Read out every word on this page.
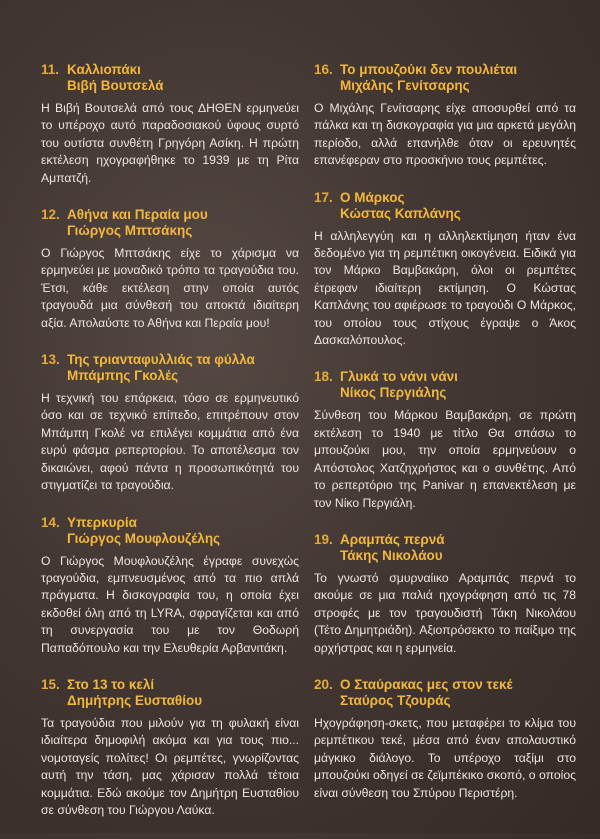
11. Καλλιοπάκι
Βιβή Βουτσελά
Η Βιβή Βουτσελά από τους ΔΗΘΕΝ ερμηνεύει το υπέροχο αυτό παραδοσιακού ύφους συρτό του ουτίστα συνθέτη Γρηγόρη Ασίκη. Η πρώτη εκτέλεση ηχογραφήθηκε το 1939 με τη Ρίτα Αμπατζή.
12. Αθήνα και Περαία μου
Γιώργος Μπτσάκης
Ο Γιώργος Μπτσάκης είχε το χάρισμα να ερμηνεύει με μοναδικό τρόπο τα τραγούδια του. Έτσι, κάθε εκτέλεση στην οποία αυτός τραγουδά μια σύνθεσή του αποκτά ιδιαίτερη αξία. Απολαύστε το Αθήνα και Περαία μου!
13. Της τριανταφυλλιάς τα φύλλα
Μπάμπης Γκολές
Η τεχνική του επάρκεια, τόσο σε ερμηνευτικό όσο και σε τεχνικό επίπεδο, επιτρέπουν στον Μπάμπη Γκολέ να επιλέγει κομμάτια από ένα ευρύ φάσμα ρεπερτορίου. Το αποτέλεσμα τον δικαιώνει, αφού πάντα η προσωπικότητά του στιγματίζει τα τραγούδια.
14. Υπερκυρία
Γιώργος Μουφλουζέλης
Ο Γιώργος Μουφλουζέλης έγραφε συνεχώς τραγούδια, εμπνευσμένος από τα πιο απλά πράγματα. Η δισκογραφία του, η οποία έχει εκδοθεί όλη από τη LYRA, σφραγίζεται και από τη συνεργασία του με τον Θοδωρή Παπαδόπουλο και την Ελευθερία Αρβανιτάκη.
15. Στο 13 το κελί
Δημήτρης Ευσταθίου
Τα τραγούδια που μιλούν για τη φυλακή είναι ιδιαίτερα δημοφιλή ακόμα και για τους πιο... νομοταγείς πολίτες! Οι ρεμπέτες, γνωρίζοντας αυτή την τάση, μας χάρισαν πολλά τέτοια κομμάτια. Εδώ ακούμε τον Δημήτρη Ευσταθίου σε σύνθεση του Γιώργου Λαύκα.
16. Το μπουζούκι δεν πουλιέται
Μιχάλης Γενίτσαρης
Ο Μιχάλης Γενίτσαρης είχε αποσυρθεί από τα πάλκα και τη δισκογραφία για μια αρκετά μεγάλη περίοδο, αλλά επανήλθε όταν οι ερευνητές επανέφεραν στο προσκήνιο τους ρεμπέτες.
17. Ο Μάρκος
Κώστας Καπλάνης
Η αλληλεγγύη και η αλληλεκτίμηση ήταν ένα δεδομένο για τη ρεμπέτικη οικογένεια. Ειδικά για τον Μάρκο Βαμβακάρη, όλοι οι ρεμπέτες έτρεφαν ιδιαίτερη εκτίμηση. Ο Κώστας Καπλάνης του αφιέρωσε το τραγούδι Ο Μάρκος, του οποίου τους στίχους έγραψε ο Άκος Δασκαλόπουλος.
18. Γλυκά το νάνι νάνι
Νίκος Περγιάλης
Σύνθεση του Μάρκου Βαμβακάρη, σε πρώτη εκτέλεση το 1940 με τίτλο Θα σπάσω το μπουζούκι μου, την οποία ερμηνεύουν ο Απόστολος Χατζηχρήστος και ο συνθέτης. Από το ρεπερτόριο της Panivar η επανεκτέλεση με τον Νίκο Περγιάλη.
19. Αραμπάς περνά
Τάκης Νικολάου
Το γνωστό σμυρναίικο Αραμπάς περνά το ακούμε σε μια παλιά ηχογράφηση από τις 78 στροφές με τον τραγουδιστή Τάκη Νικολάου (Τέτο Δημητριάδη). Αξιοπρόσεκτο το παίξιμο της ορχήστρας και η ερμηνεία.
20. Ο Σταύρακας μες στον τεκέ
Σταύρος Τζουράς
Ηχογράφηση-σκετς, που μεταφέρει το κλίμα του ρεμπέτικου τεκέ, μέσα από έναν απολαυστικό μάγκικο διάλογο. Το υπέροχο ταξίμι στο μπουζούκι οδηγεί σε ζεϊμπέκικο σκοπό, ο οποίος είναι σύνθεση του Σπύρου Περιστέρη.
